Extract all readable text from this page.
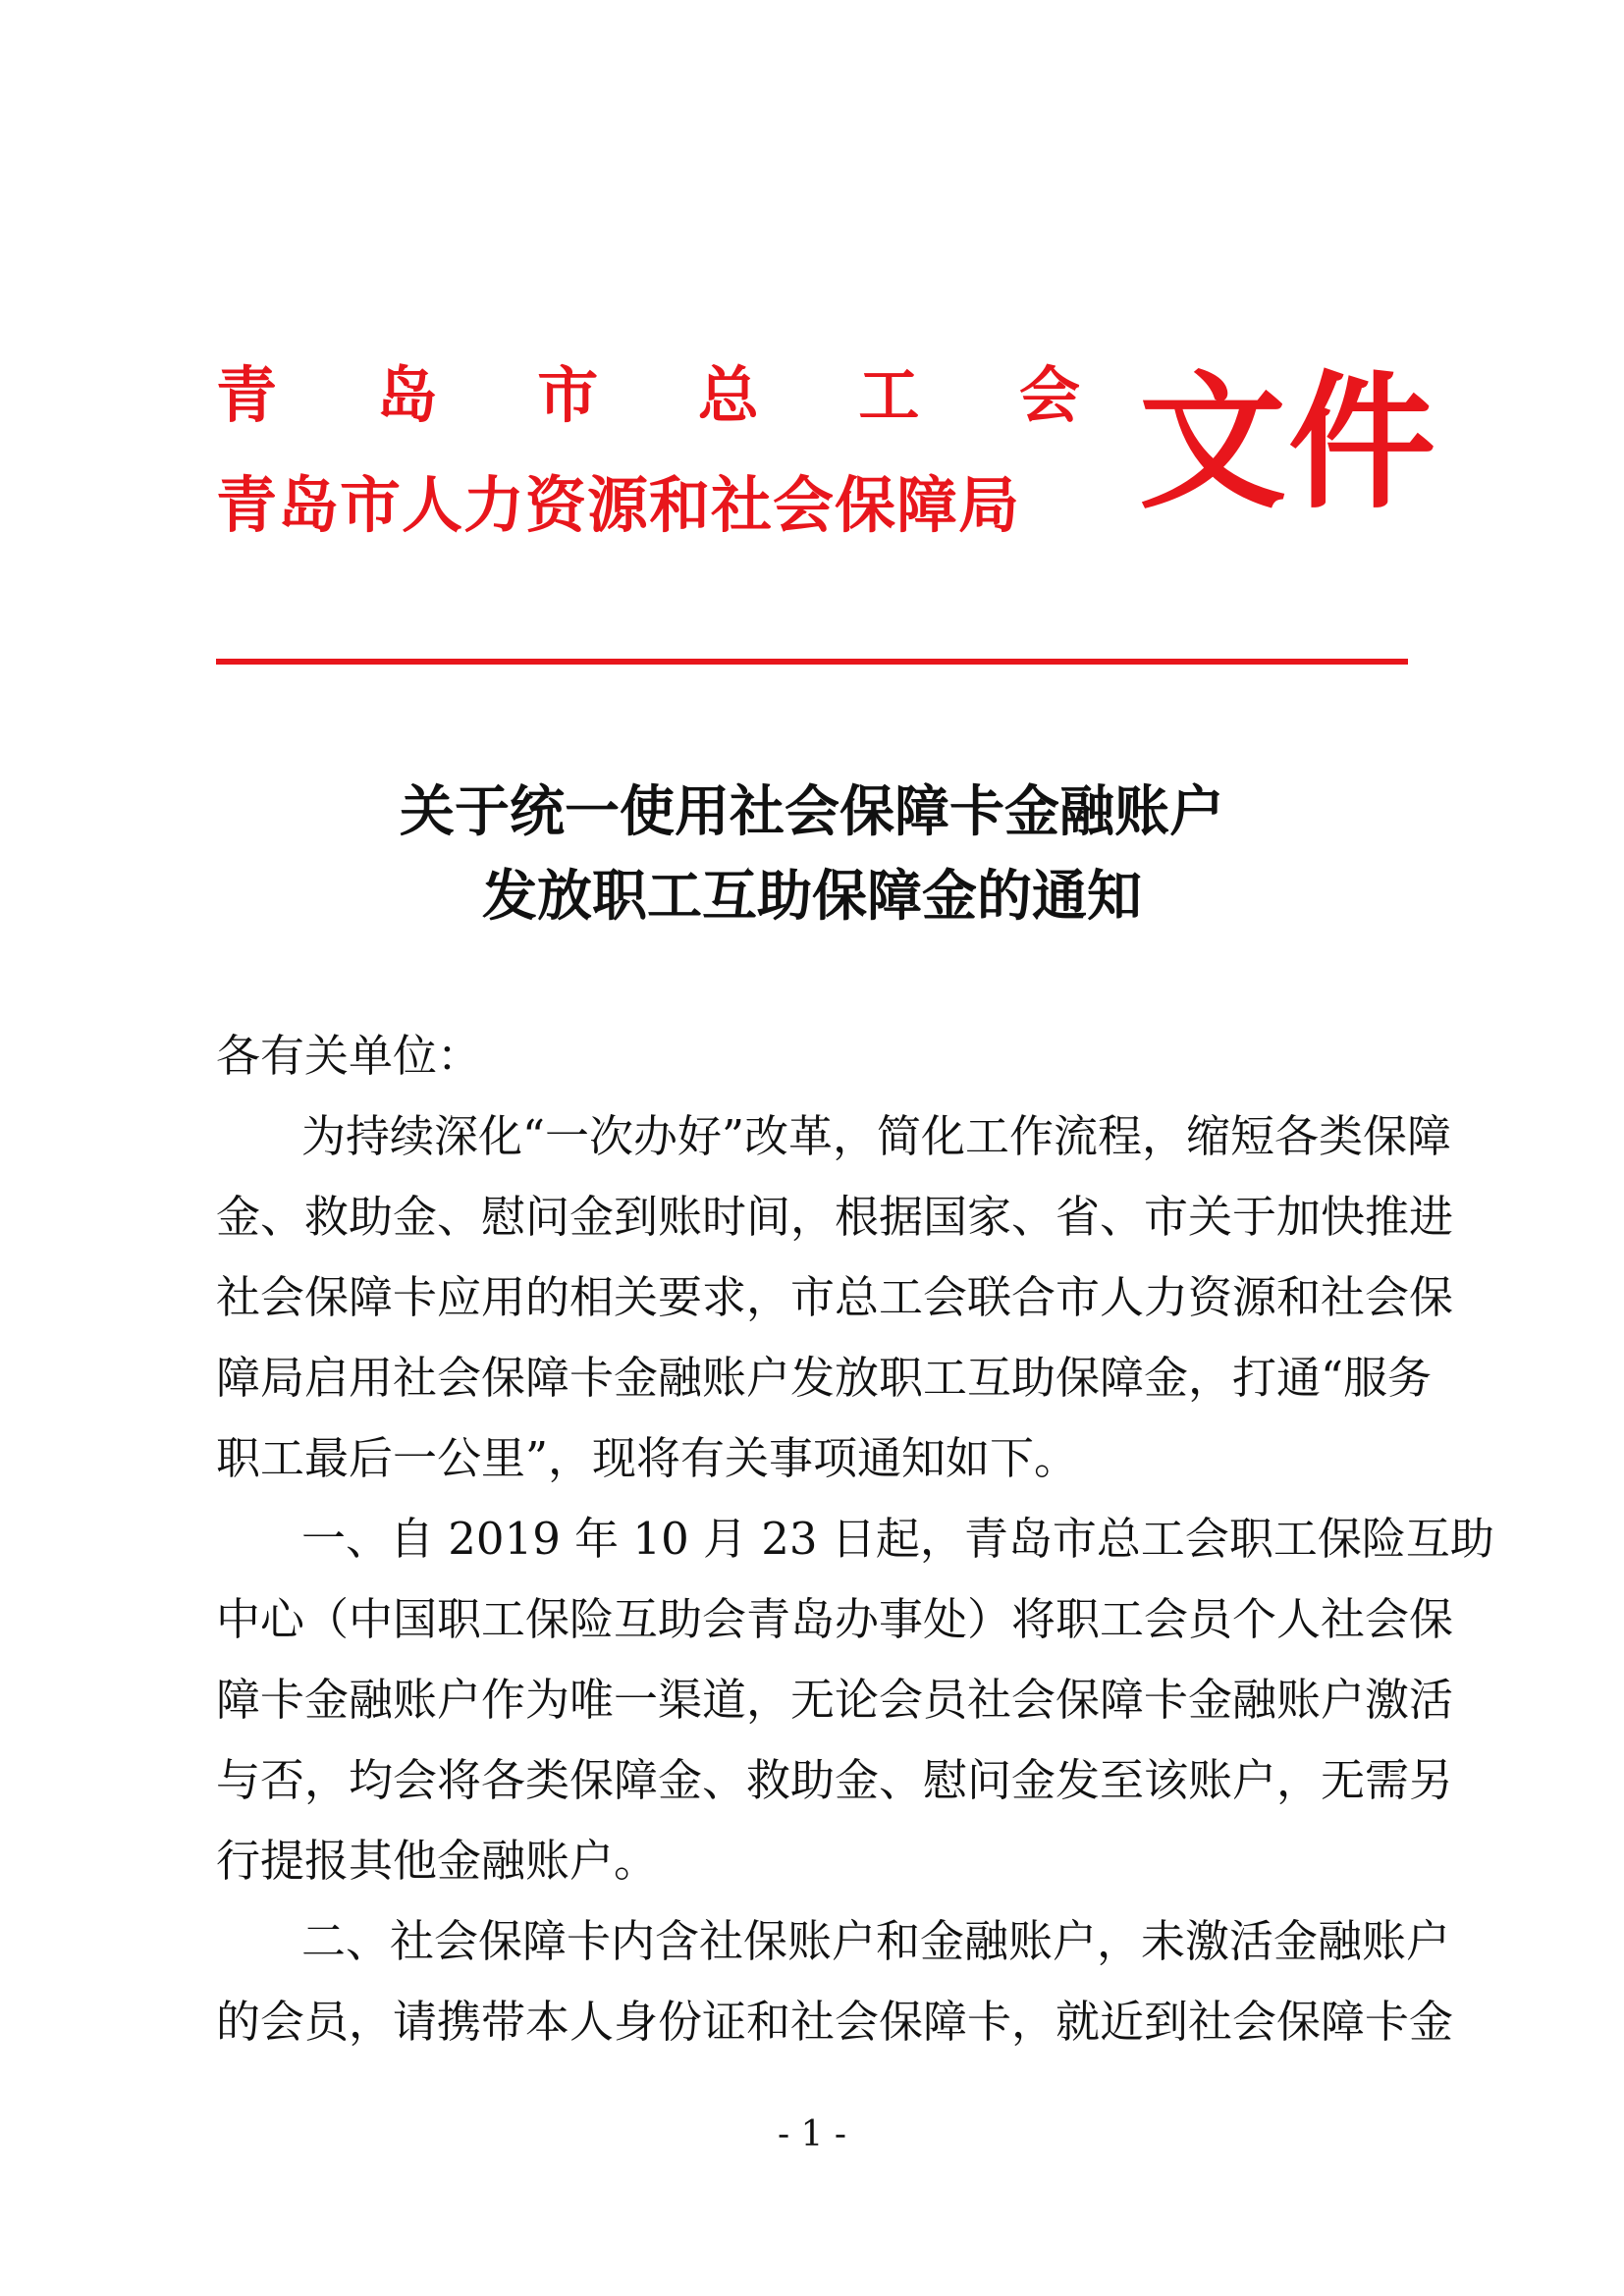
青 岛 市 总 工 会
青岛市人力资源和社会保障局 文件
关于统一使用社会保障卡金融账户
发放职工互助保障金的通知
各有关单位：
为持续深化“一次办好”改革，简化工作流程，缩短各类保障
金、救助金、慰问金到账时间，根据国家、省、市关于加快推进
社会保障卡应用的相关要求，市总工会联合市人力资源和社会保
障局启用社会保障卡金融账户发放职工互助保障金，打通“服务
职工最后一公里”，现将有关事项通知如下。
一、自 2019 年 10 月 23 日起，青岛市总工会职工保险互助
中心（中国职工保险互助会青岛办事处）将职工会员个人社会保
障卡金融账户作为唯一渠道，无论会员社会保障卡金融账户激活
与否，均会将各类保障金、救助金、慰问金发至该账户，无需另
行提报其他金融账户。
二、社会保障卡内含社保账户和金融账户，未激活金融账户
的会员，请携带本人身份证和社会保障卡，就近到社会保障卡金
- 1 -
